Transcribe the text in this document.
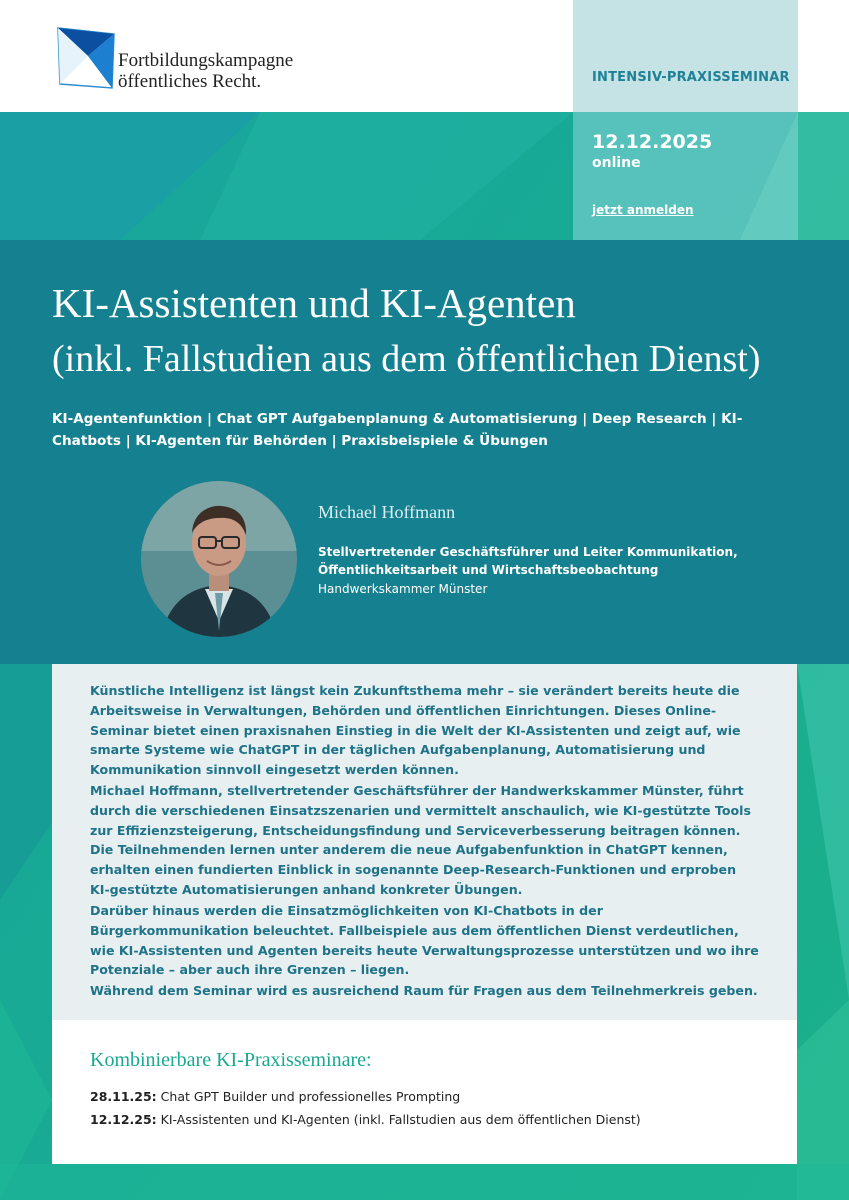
Fortbildungskampagne
öffentliches Recht.	INTENSIV-PRAXISSEMINAR
12.12.2025
online
jetzt anmelden
KI-Assistenten und KI-Agenten
(inkl. Fallstudien aus dem öffentlichen Dienst)
KI-Agentenfunktion | Chat GPT Aufgabenplanung & Automatisierung | Deep Research | KI-Chatbots | KI-Agenten für Behörden | Praxisbeispiele & Übungen
Michael Hoffmann
Stellvertretender Geschäftsführer und Leiter Kommunikation,
Öffentlichkeitsarbeit und Wirtschaftsbeobachtung
Handwerkskammer Münster
Künstliche Intelligenz ist längst kein Zukunftsthema mehr – sie verändert bereits heute die Arbeitsweise in Verwaltungen, Behörden und öffentlichen Einrichtungen. Dieses Online-Seminar bietet einen praxisnahen Einstieg in die Welt der KI-Assistenten und zeigt auf, wie smarte Systeme wie ChatGPT in der täglichen Aufgabenplanung, Automatisierung und Kommunikation sinnvoll eingesetzt werden können.
Michael Hoffmann, stellvertretender Geschäftsführer der Handwerkskammer Münster, führt durch die verschiedenen Einsatzszenarien und vermittelt anschaulich, wie KI-gestützte Tools zur Effizienzsteigerung, Entscheidungsfindung und Serviceverbesserung beitragen können. Die Teilnehmenden lernen unter anderem die neue Aufgabenfunktion in ChatGPT kennen, erhalten einen fundierten Einblick in sogenannte Deep-Research-Funktionen und erproben KI-gestützte Automatisierungen anhand konkreter Übungen.
Darüber hinaus werden die Einsatzmöglichkeiten von KI-Chatbots in der Bürgerkommunikation beleuchtet. Fallbeispiele aus dem öffentlichen Dienst verdeutlichen, wie KI-Assistenten und Agenten bereits heute Verwaltungsprozesse unterstützen und wo ihre Potenziale – aber auch ihre Grenzen – liegen.
Während dem Seminar wird es ausreichend Raum für Fragen aus dem Teilnehmerkreis geben.
Kombinierbare KI-Praxisseminare:
28.11.25: Chat GPT Builder und professionelles Prompting
12.12.25: KI-Assistenten und KI-Agenten (inkl. Fallstudien aus dem öffentlichen Dienst)
